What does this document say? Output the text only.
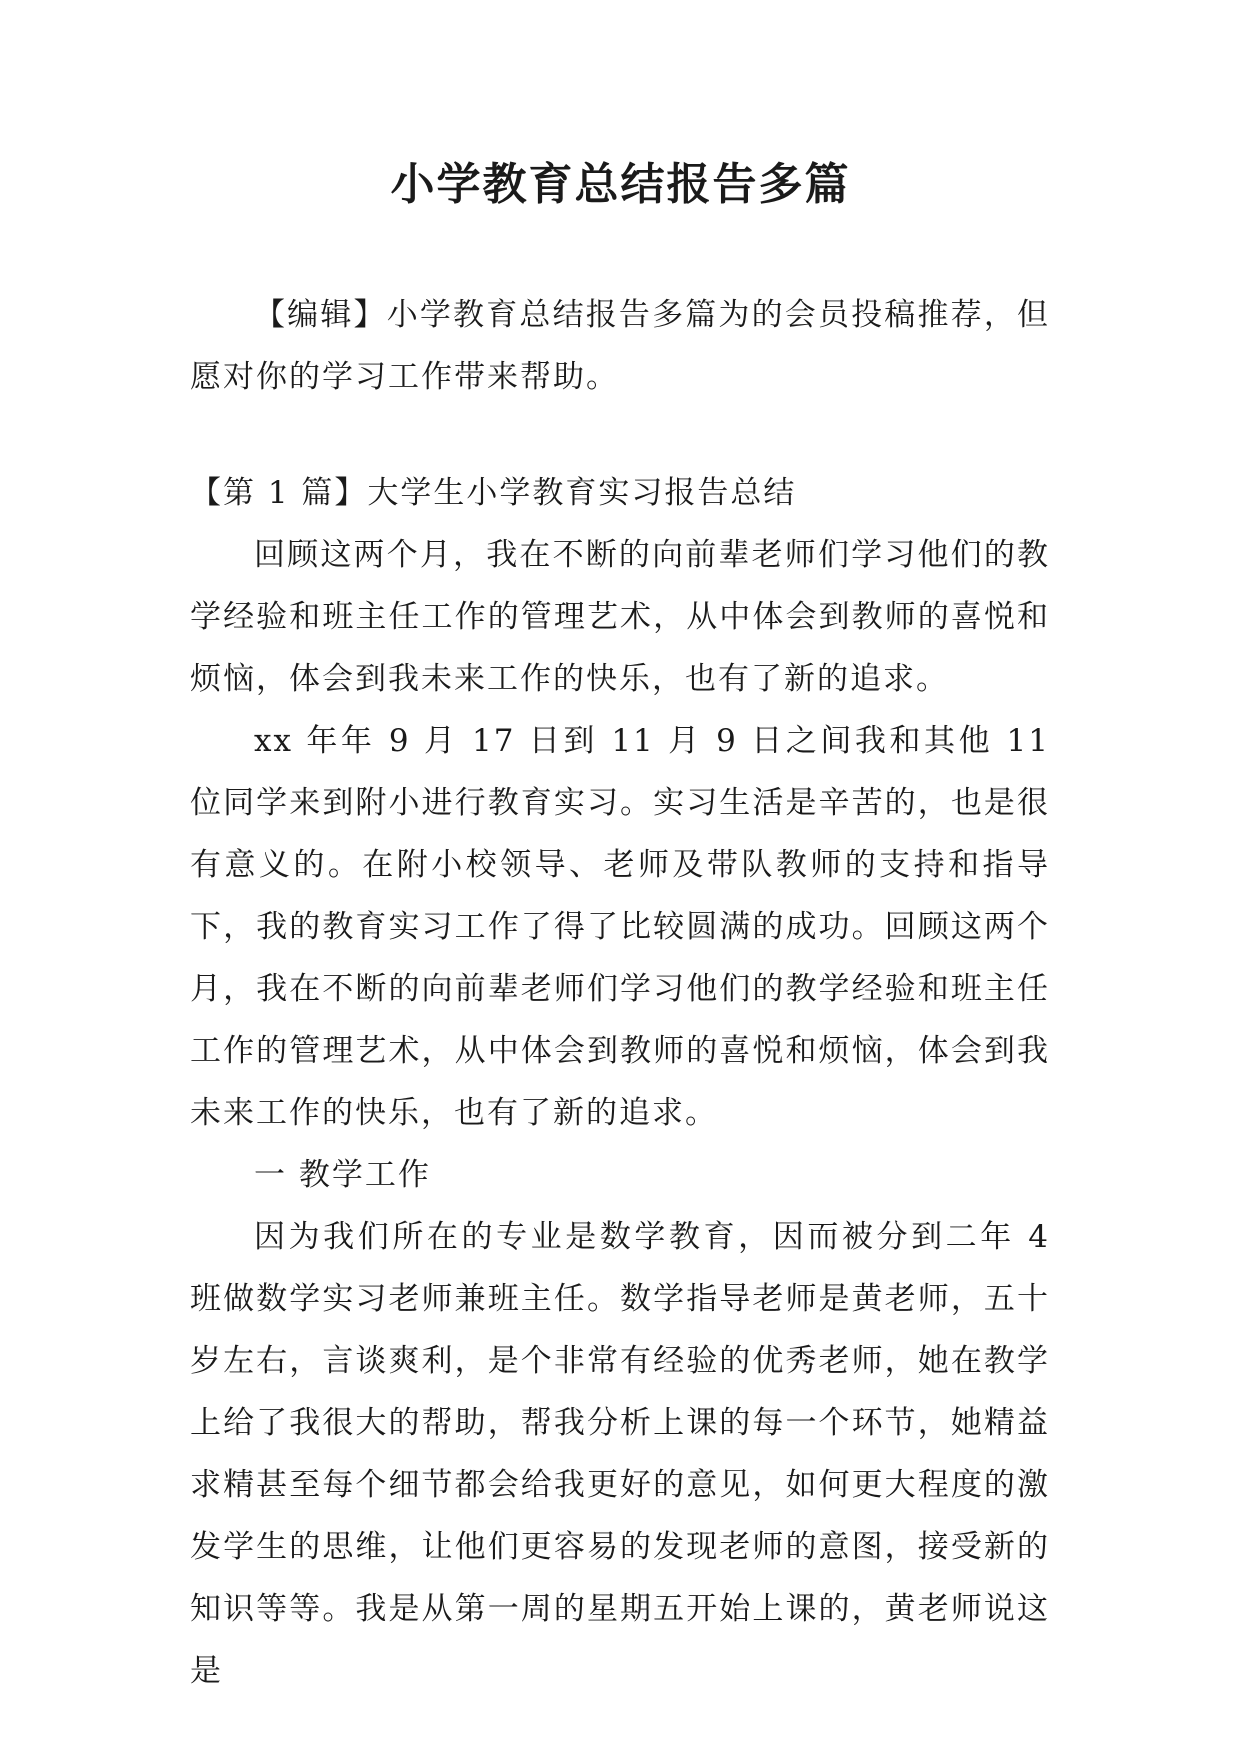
小学教育总结报告多篇

【编辑】小学教育总结报告多篇为的会员投稿推荐，但愿对你的学习工作带来帮助。

【第 1 篇】大学生小学教育实习报告总结

回顾这两个月，我在不断的向前辈老师们学习他们的教学经验和班主任工作的管理艺术，从中体会到教师的喜悦和烦恼，体会到我未来工作的快乐，也有了新的追求。

xx 年年 9 月 17 日到 11 月 9 日之间我和其他 11 位同学来到附小进行教育实习。实习生活是辛苦的，也是很有意义的。在附小校领导、老师及带队教师的支持和指导下，我的教育实习工作了得了比较圆满的成功。回顾这两个月，我在不断的向前辈老师们学习他们的教学经验和班主任工作的管理艺术，从中体会到教师的喜悦和烦恼，体会到我未来工作的快乐，也有了新的追求。

一 教学工作

因为我们所在的专业是数学教育，因而被分到二年 4 班做数学实习老师兼班主任。数学指导老师是黄老师，五十岁左右，言谈爽利，是个非常有经验的优秀老师，她在教学上给了我很大的帮助，帮我分析上课的每一个环节，她精益求精甚至每个细节都会给我更好的意见，如何更大程度的激发学生的思维，让他们更容易的发现老师的意图，接受新的知识等等。我是从第一周的星期五开始上课的，黄老师说这是
